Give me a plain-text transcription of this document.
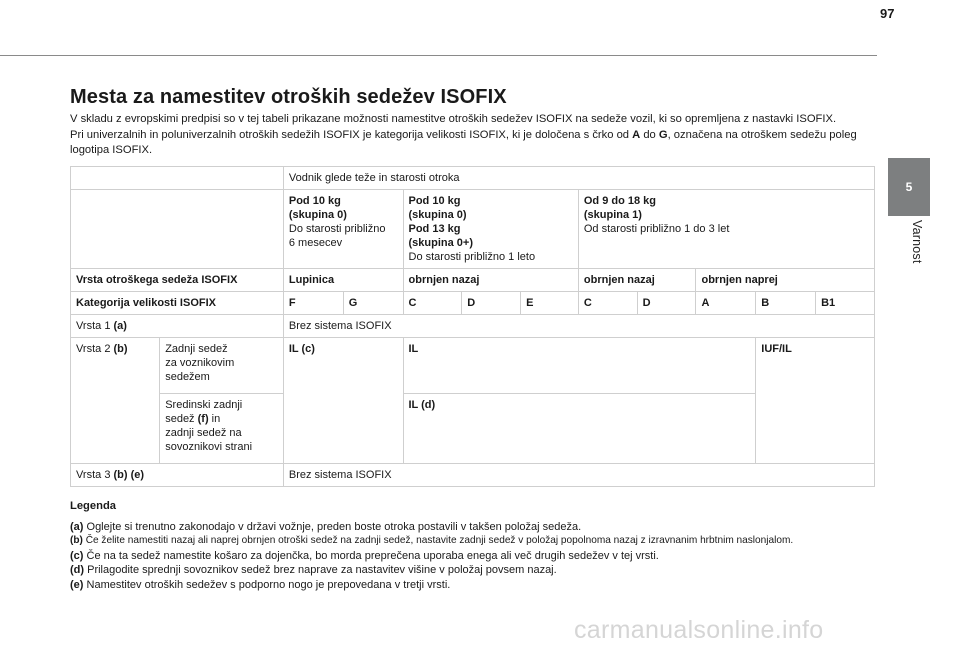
97
5
Varnost
Mesta za namestitev otroških sedežev ISOFIX

V skladu z evropskimi predpisi so v tej tabeli prikazane možnosti namestitve otroških sedežev ISOFIX na sedeže vozil, ki so opremljena z nastavki ISOFIX.

Pri univerzalnih in poluniverzalnih otroških sedežih ISOFIX je kategorija velikosti ISOFIX, ki je določena s črko od A do G, označena na otroškem sedežu poleg logotipa ISOFIX.

		Vodnik glede teže in starosti otroka									
		Pod 10 kg
(skupina 0)
Do starosti približno
6 mesecev		Pod 10 kg
(skupina 0)
Pod 13 kg
(skupina 0+)
Do starosti približno 1 leto			Od 9 do 18 kg
(skupina 1)
Od starosti približno 1 do 3 let				
Vrsta otroškega sedeža ISOFIX		Lupinica		obrnjen nazaj			obrnjen nazaj		obrnjen naprej		
Kategorija velikosti ISOFIX		F	G	C	D	E	C	D	A	B	B1
Vrsta 1 (a)		Brez sistema ISOFIX									
Vrsta 2 (b)	Zadnji sedež
za voznikovim
sedežem	IL (c)		IL						IUF/IL	
	Sredinski zadnji
sedež (f) in
zadnji sedež na
sovoznikovi strani			IL (d)							
Vrsta 3 (b) (e)		Brez sistema ISOFIX									
Legenda
(a) Oglejte si trenutno zakonodajo v državi vožnje, preden boste otroka postavili v takšen položaj sedeža.
(b) Če želite namestiti nazaj ali naprej obrnjen otroški sedež na zadnji sedež, nastavite zadnji sedež v položaj popolnoma nazaj z izravnanim hrbtnim naslonjalom.
(c) Če na ta sedež namestite košaro za dojenčka, bo morda preprečena uporaba enega ali več drugih sedežev v tej vrsti.
(d) Prilagodite sprednji sovoznikov sedež brez naprave za nastavitev višine v položaj povsem nazaj.
(e) Namestitev otroških sedežev s podporno nogo je prepovedana v tretji vrsti.
carmanualsonline.info
